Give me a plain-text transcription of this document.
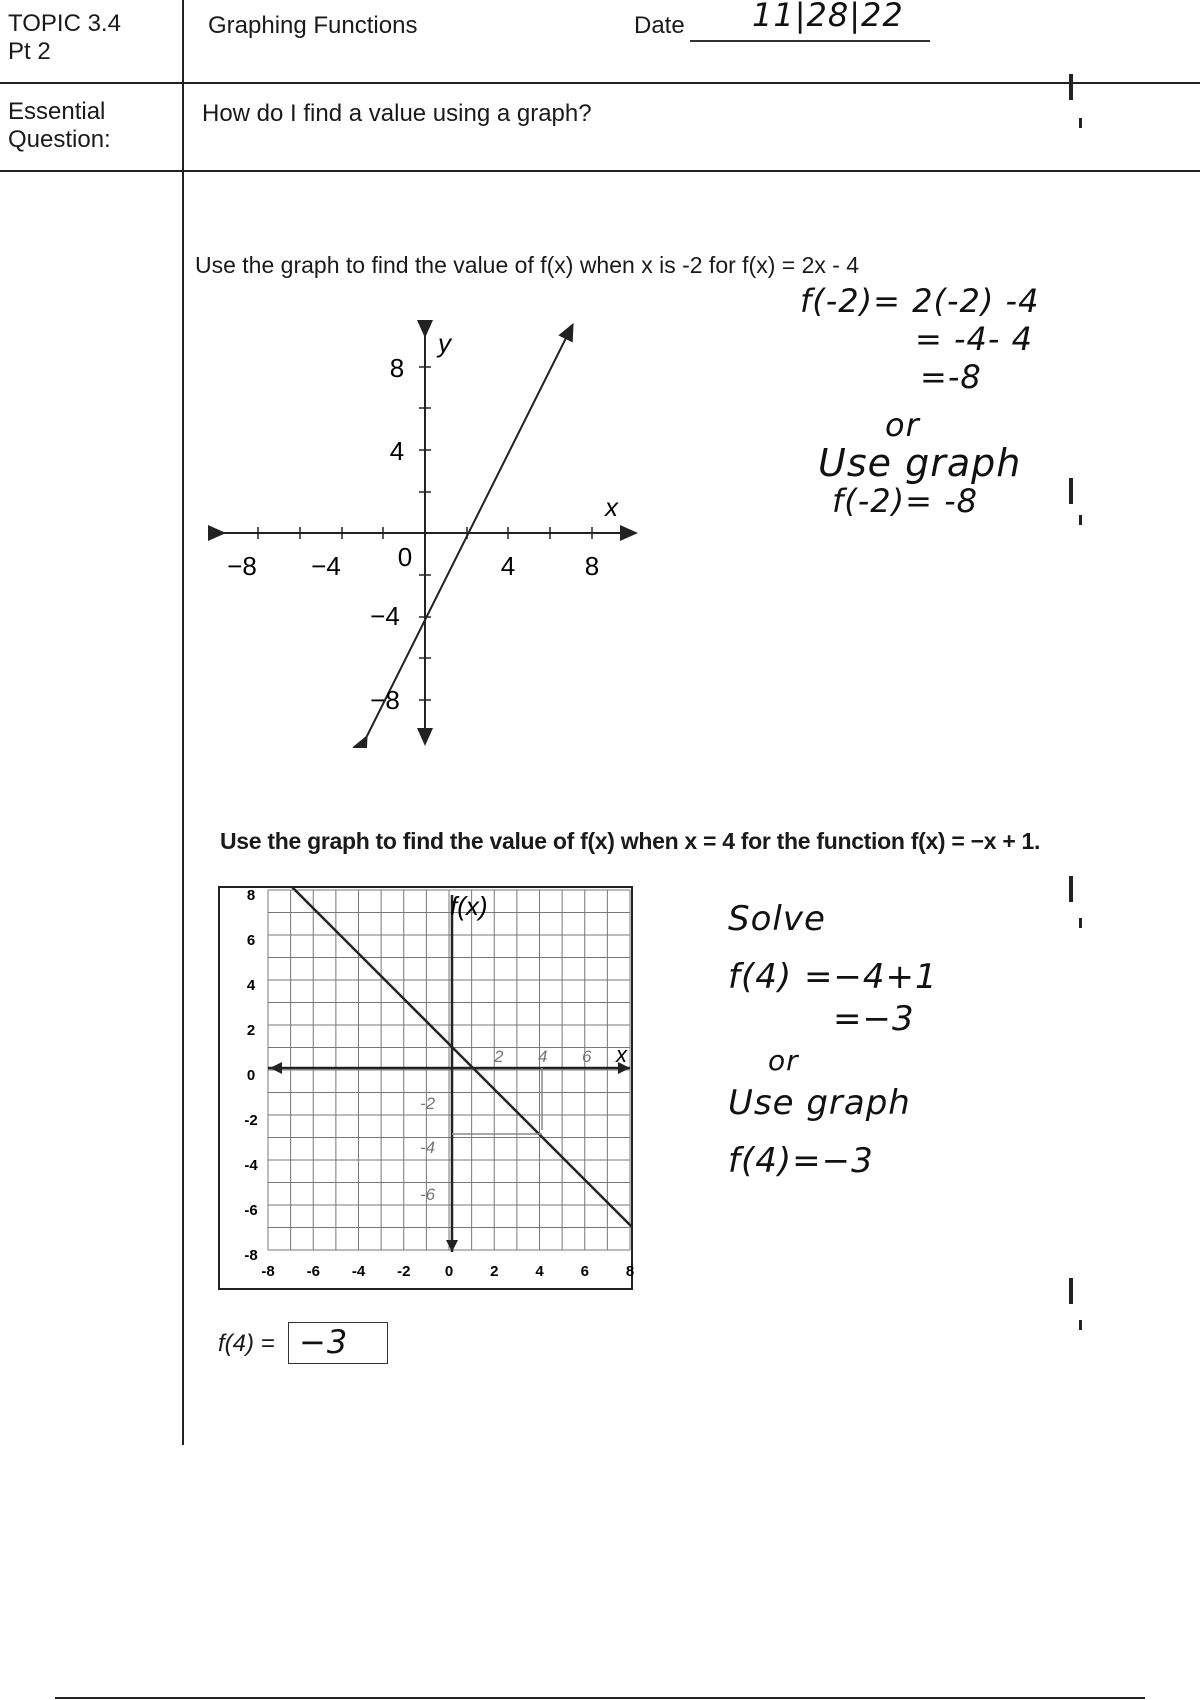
TOPIC 3.4
Pt 2
Graphing Functions	Date 11|28|22
Essential
Question:
How do I find a value using a graph?
Use the graph to find the value of f(x) when x is -2 for f(x) = 2x - 4
y
x
−8 −4 0	4	8
8
4
−4
−8
f(-2)= 2(-2) -4
= -4- 4
=-8
or
Use graph
f(-2)= -8
Use the graph to find the value of f(x) when x = 4 for the function f(x) = −x + 1.
f(x)
x
8
6
4
2
0
-2
-4
-6
-8
-8 -6 -4 -2 0 2 4 6 8
2 4 6
-2
-4
-6
Solve
f(4) =−4+1
=−3
or
Use graph
f(4)=−3
f(4) = −3
